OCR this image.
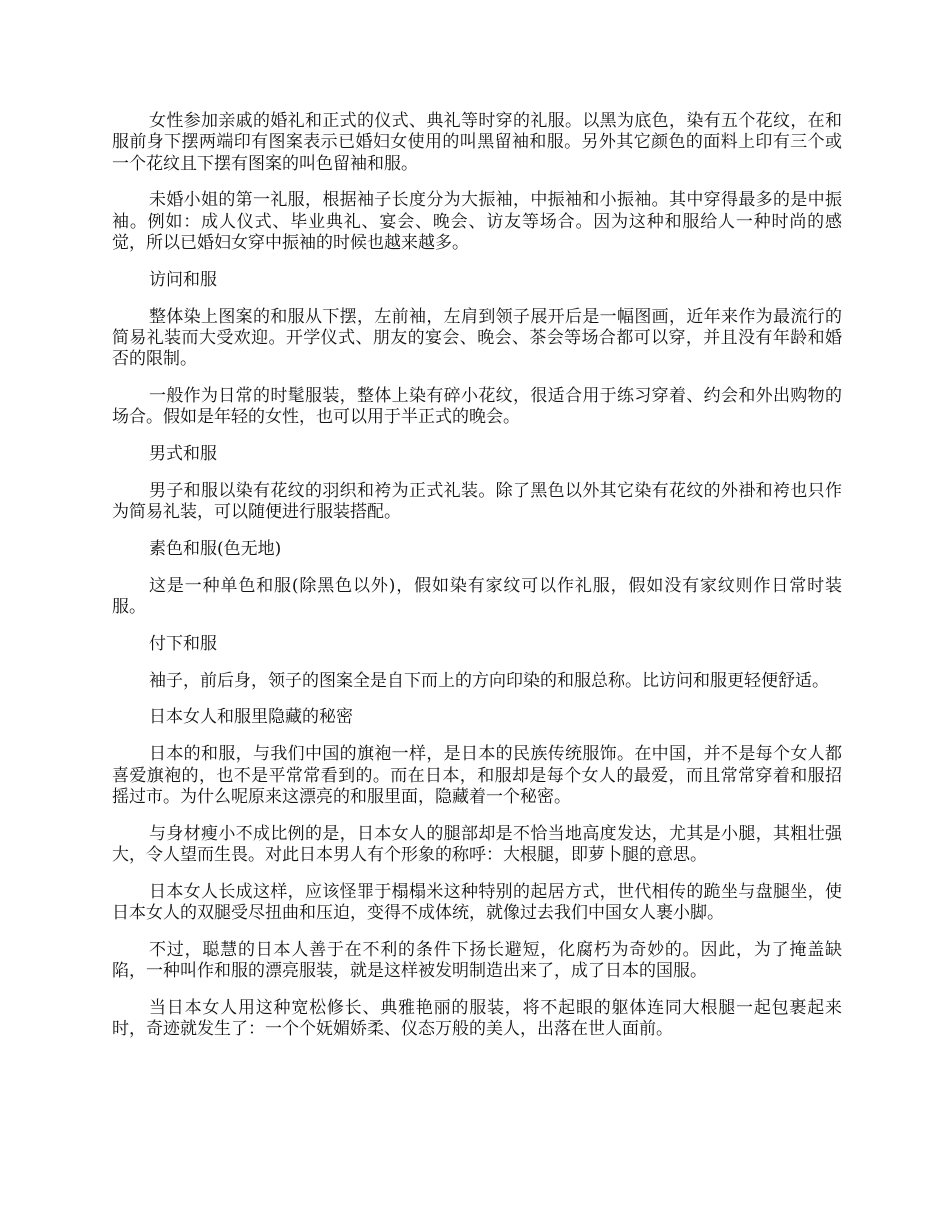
女性参加亲戚的婚礼和正式的仪式、典礼等时穿的礼服。以黑为底色，染有五个花纹，在和服前身下摆两端印有图案表示已婚妇女使用的叫黑留袖和服。另外其它颜色的面料上印有三个或一个花纹且下摆有图案的叫色留袖和服。

未婚小姐的第一礼服，根据袖子长度分为大振袖，中振袖和小振袖。其中穿得最多的是中振袖。例如：成人仪式、毕业典礼、宴会、晚会、访友等场合。因为这种和服给人一种时尚的感觉，所以已婚妇女穿中振袖的时候也越来越多。

访问和服

整体染上图案的和服从下摆，左前袖，左肩到领子展开后是一幅图画，近年来作为最流行的简易礼装而大受欢迎。开学仪式、朋友的宴会、晚会、茶会等场合都可以穿，并且没有年龄和婚否的限制。

一般作为日常的时髦服装，整体上染有碎小花纹，很适合用于练习穿着、约会和外出购物的场合。假如是年轻的女性，也可以用于半正式的晚会。

男式和服

男子和服以染有花纹的羽织和袴为正式礼装。除了黑色以外其它染有花纹的外褂和袴也只作为简易礼装，可以随便进行服装搭配。

素色和服(色无地)

这是一种单色和服(除黑色以外)，假如染有家纹可以作礼服，假如没有家纹则作日常时装服。

付下和服

袖子，前后身，领子的图案全是自下而上的方向印染的和服总称。比访问和服更轻便舒适。

日本女人和服里隐藏的秘密

日本的和服，与我们中国的旗袍一样，是日本的民族传统服饰。在中国，并不是每个女人都喜爱旗袍的，也不是平常常看到的。而在日本，和服却是每个女人的最爱，而且常常穿着和服招摇过市。为什么呢原来这漂亮的和服里面，隐藏着一个秘密。

与身材瘦小不成比例的是，日本女人的腿部却是不恰当地高度发达，尤其是小腿，其粗壮强大，令人望而生畏。对此日本男人有个形象的称呼：大根腿，即萝卜腿的意思。

日本女人长成这样，应该怪罪于榻榻米这种特别的起居方式，世代相传的跪坐与盘腿坐，使日本女人的双腿受尽扭曲和压迫，变得不成体统，就像过去我们中国女人裹小脚。

不过，聪慧的日本人善于在不利的条件下扬长避短，化腐朽为奇妙的。因此，为了掩盖缺陷，一种叫作和服的漂亮服装，就是这样被发明制造出来了，成了日本的国服。

当日本女人用这种宽松修长、典雅艳丽的服装，将不起眼的躯体连同大根腿一起包裹起来时，奇迹就发生了：一个个妩媚娇柔、仪态万般的美人，出落在世人面前。
